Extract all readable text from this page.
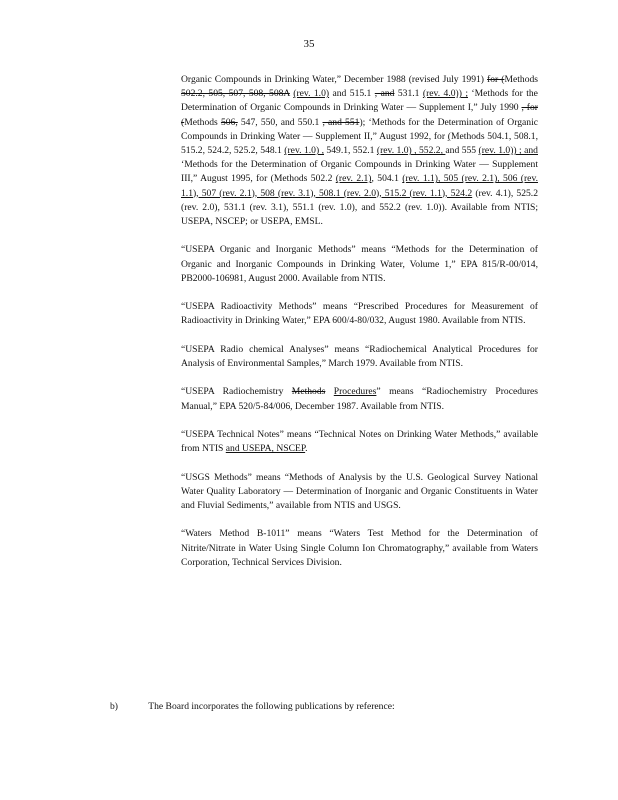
35

Organic Compounds in Drinking Water,” December 1988 (revised July 1991) for (Methods 502.2, 505, 507, 508, 508A (rev. 1.0) and 515.1 , and 531.1 (rev. 4.0)) ; ‘Methods for the Determination of Organic Compounds in Drinking Water — Supplement I,” July 1990 , for (Methods 506, 547, 550, and 550.1 , and 551); ‘Methods for the Determination of Organic Compounds in Drinking Water — Supplement II,” August 1992, for (Methods 504.1, 508.1, 515.2, 524.2, 525.2, 548.1 (rev. 1.0) , 549.1, 552.1 (rev. 1.0) , 552.2, and 555 (rev. 1.0)) ; and ‘Methods for the Determination of Organic Compounds in Drinking Water — Supplement III,” August 1995, for (Methods 502.2 (rev. 2.1), 504.1 (rev. 1.1), 505 (rev. 2.1), 506 (rev. 1.1), 507 (rev. 2.1), 508 (rev. 3.1), 508.1 (rev. 2.0), 515.2 (rev. 1.1), 524.2 (rev. 4.1), 525.2 (rev. 2.0), 531.1 (rev. 3.1), 551.1 (rev. 1.0), and 552.2 (rev. 1.0)). Available from NTIS; USEPA, NSCEP; or USEPA, EMSL.

“USEPA Organic and Inorganic Methods” means “Methods for the Determination of Organic and Inorganic Compounds in Drinking Water, Volume 1,” EPA 815/R-00/014, PB2000-106981, August 2000. Available from NTIS.

“USEPA Radioactivity Methods” means “Prescribed Procedures for Measurement of Radioactivity in Drinking Water,” EPA 600/4-80/032, August 1980. Available from NTIS.

“USEPA Radio chemical Analyses” means “Radiochemical Analytical Procedures for Analysis of Environmental Samples,” March 1979. Available from NTIS.

“USEPA Radiochemistry Methods Procedures” means “Radiochemistry Procedures Manual,” EPA 520/5-84/006, December 1987. Available from NTIS.

“USEPA Technical Notes” means “Technical Notes on Drinking Water Methods,” available from NTIS and USEPA, NSCEP.

“USGS Methods” means “Methods of Analysis by the U.S. Geological Survey National Water Quality Laboratory — Determination of Inorganic and Organic Constituents in Water and Fluvial Sediments,” available from NTIS and USGS.

“Waters Method B-1011” means “Waters Test Method for the Determination of Nitrite/Nitrate in Water Using Single Column Ion Chromatography,” available from Waters Corporation, Technical Services Division.

b)	The Board incorporates the following publications by reference:
